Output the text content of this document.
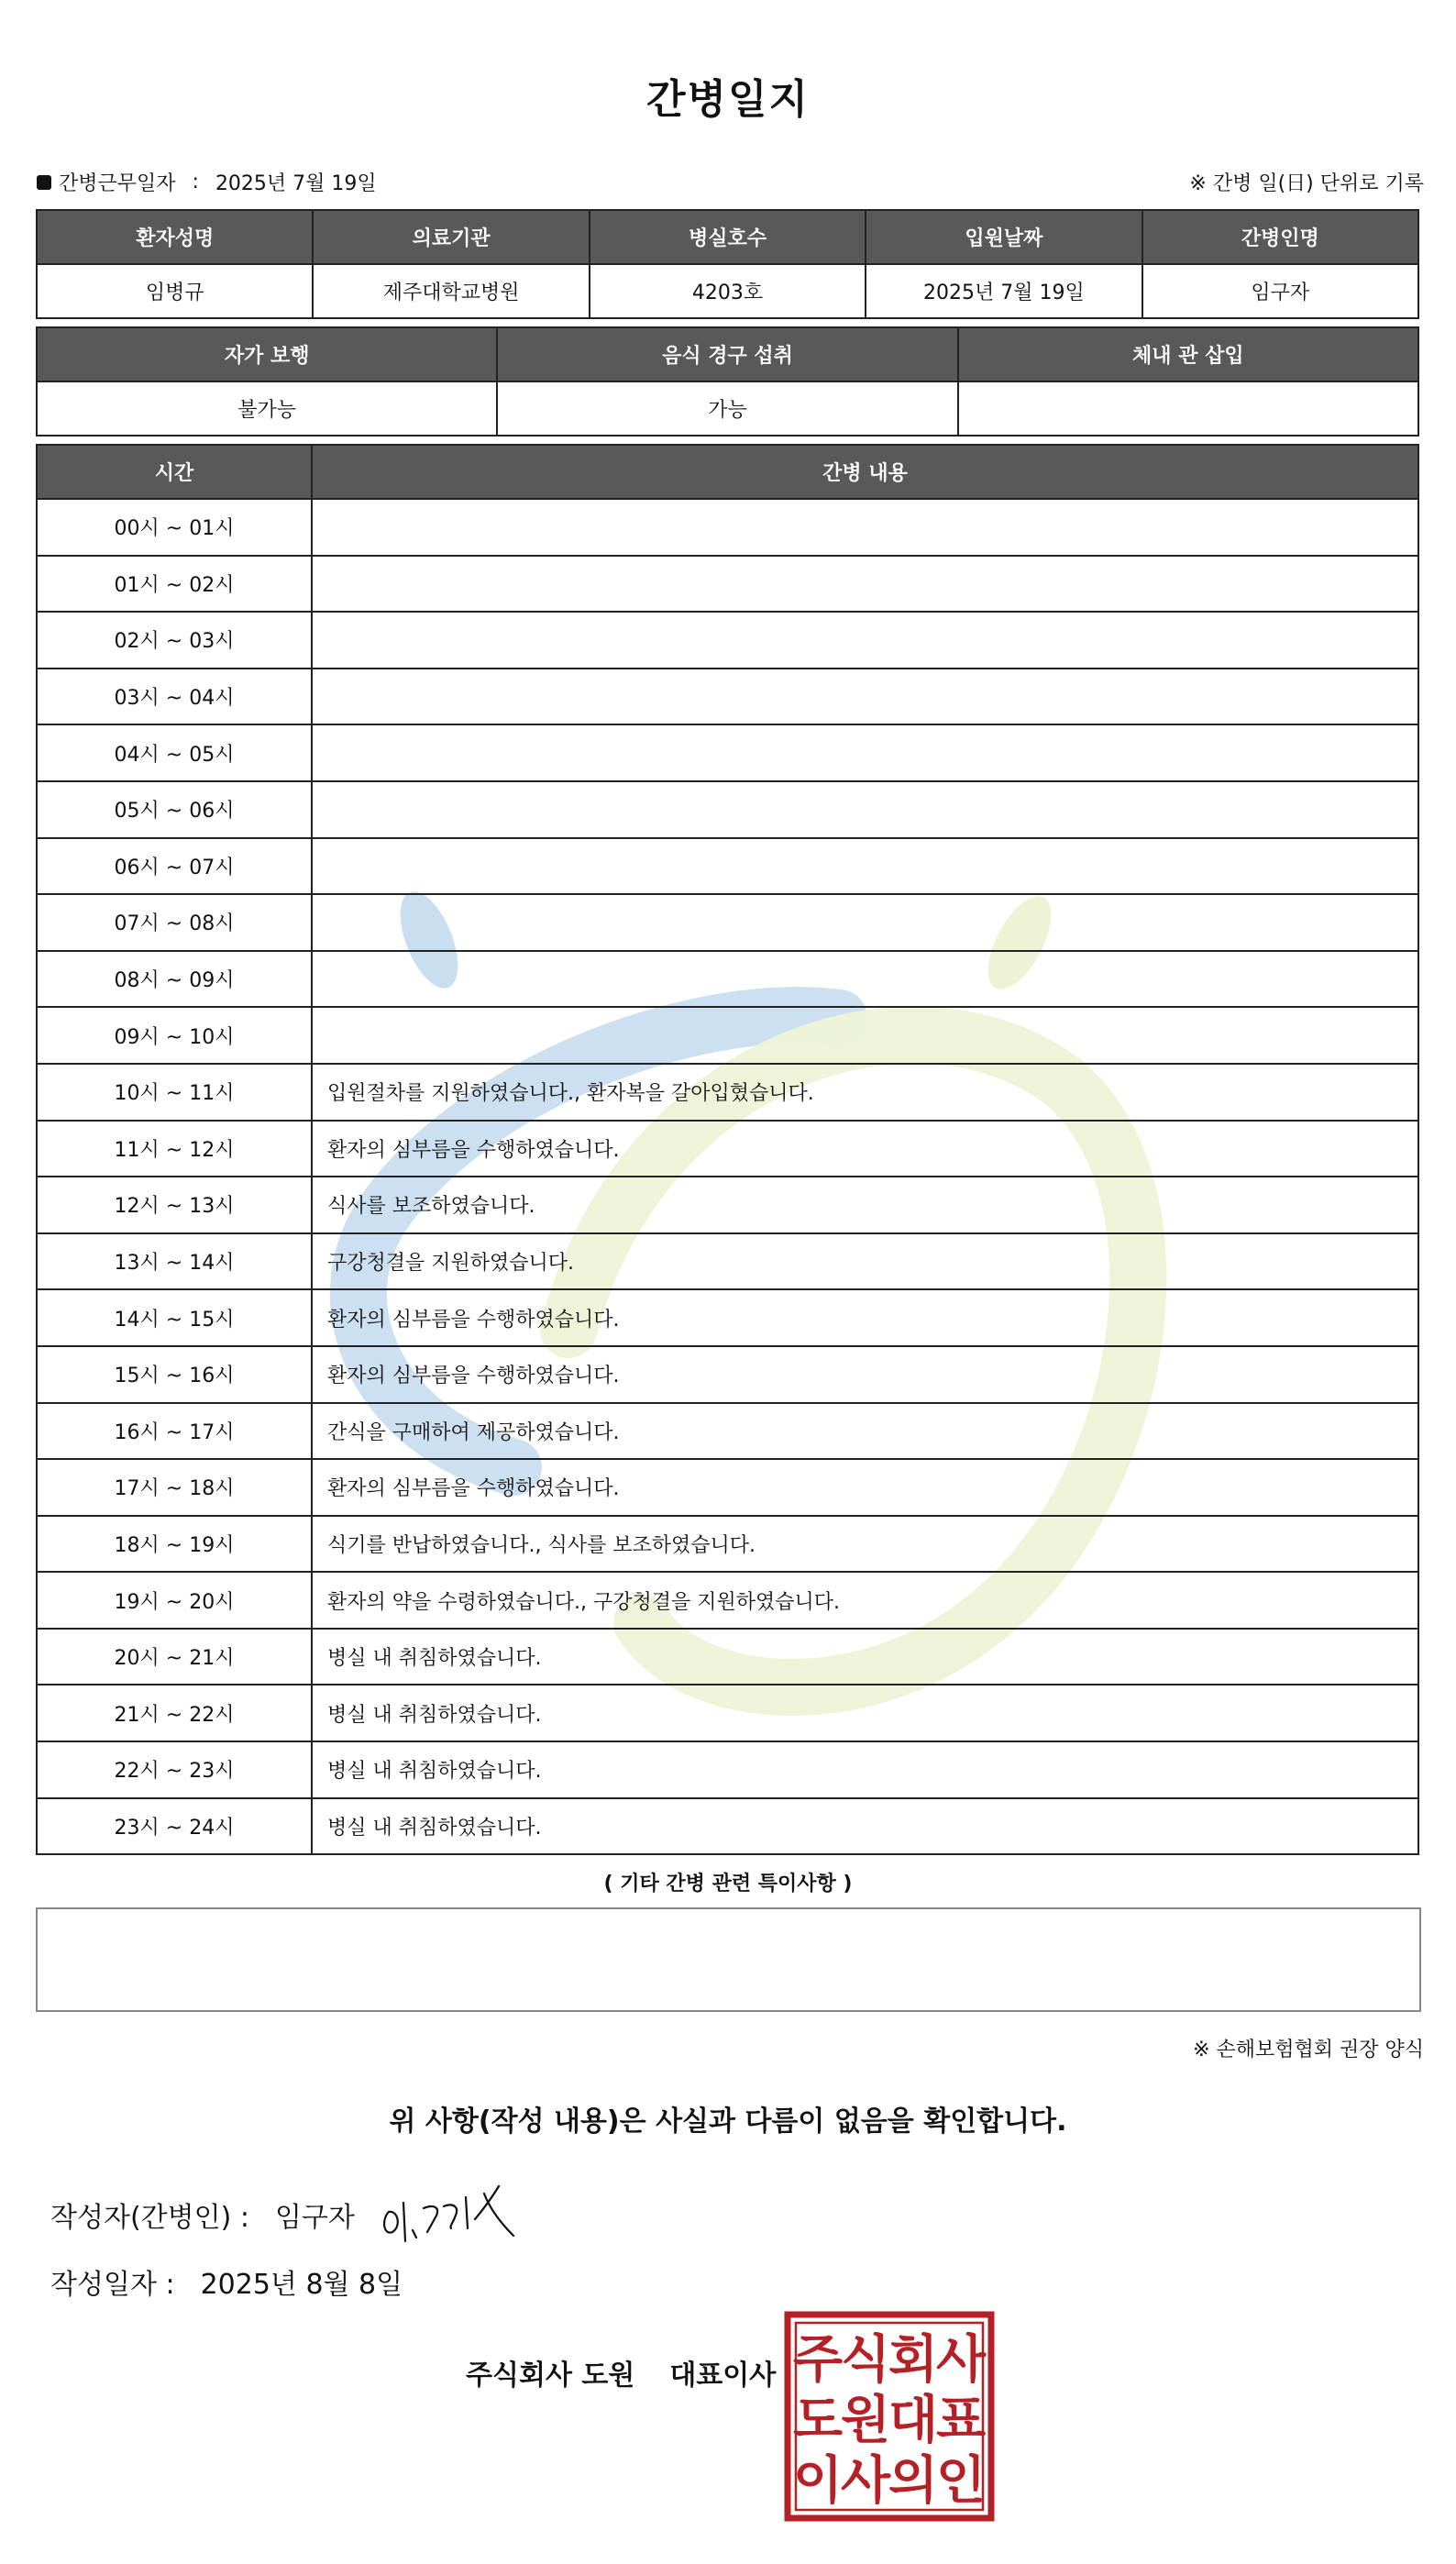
간병일지
간병근무일자 : 2025년 7월 19일	※ 간병 일(日) 단위로 기록
환자성명	의료기관	병실호수	입원날짜	간병인명
임병규	제주대학교병원	4203호	2025년 7월 19일	임구자
자가 보행	음식 경구 섭취	체내 관 삽입
불가능	가능	
시간	간병 내용
00시 ~ 01시	
01시 ~ 02시	
02시 ~ 03시	
03시 ~ 04시	
04시 ~ 05시	
05시 ~ 06시	
06시 ~ 07시	
07시 ~ 08시	
08시 ~ 09시	
09시 ~ 10시	
10시 ~ 11시	입원절차를 지원하였습니다., 환자복을 갈아입혔습니다.
11시 ~ 12시	환자의 심부름을 수행하였습니다.
12시 ~ 13시	식사를 보조하였습니다.
13시 ~ 14시	구강청결을 지원하였습니다.
14시 ~ 15시	환자의 심부름을 수행하였습니다.
15시 ~ 16시	환자의 심부름을 수행하였습니다.
16시 ~ 17시	간식을 구매하여 제공하였습니다.
17시 ~ 18시	환자의 심부름을 수행하였습니다.
18시 ~ 19시	식기를 반납하였습니다., 식사를 보조하였습니다.
19시 ~ 20시	환자의 약을 수령하였습니다., 구강청결을 지원하였습니다.
20시 ~ 21시	병실 내 취침하였습니다.
21시 ~ 22시	병실 내 취침하였습니다.
22시 ~ 23시	병실 내 취침하였습니다.
23시 ~ 24시	병실 내 취침하였습니다.
( 기타 간병 관련 특이사항 )
※ 손해보험협회 권장 양식
위 사항(작성 내용)은 사실과 다름이 없음을 확인합니다.
작성자(간병인) : 임구자
작성일자 : 2025년 8월 8일
주식회사 도원 대표이사 주
식
회
사
도
원
대
표
이
사
의
인
